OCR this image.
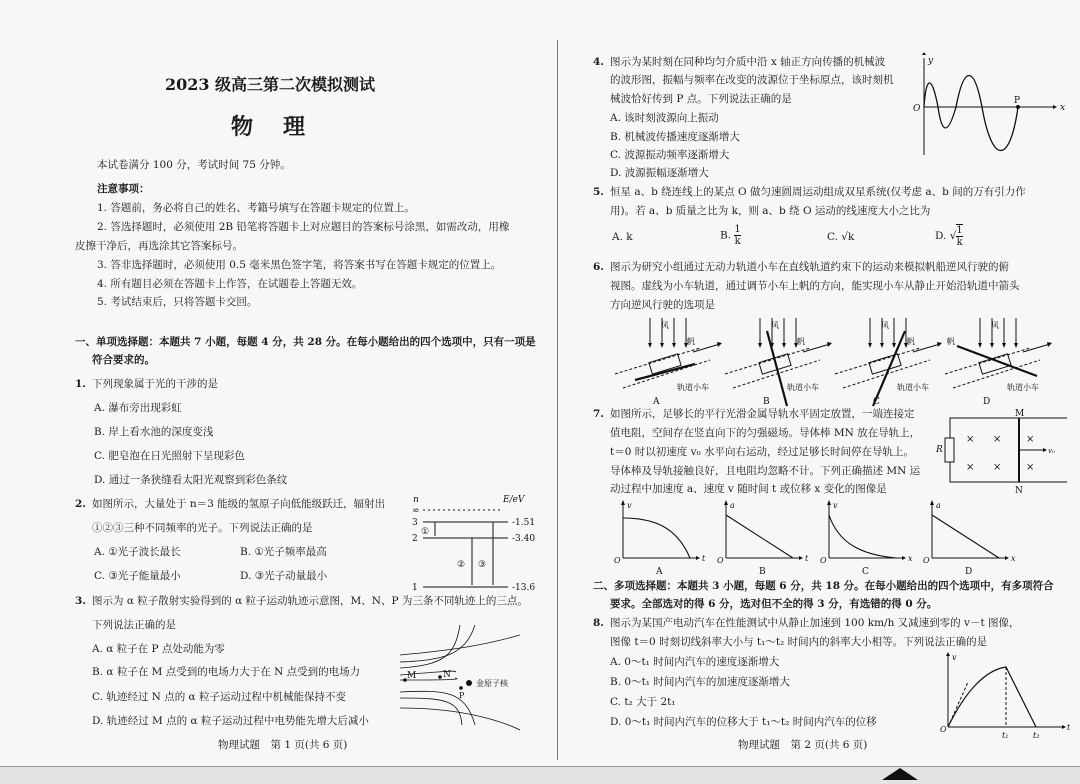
2023 级高三第二次模拟测试
物　理
本试卷满分 100 分，考试时间 75 分钟。
注意事项：
1. 答题前，务必将自己的姓名、考籍号填写在答题卡规定的位置上。
2. 答选择题时，必须使用 2B 铅笔将答题卡上对应题目的答案标号涂黑，如需改动，用橡
皮擦干净后，再选涂其它答案标号。
3. 答非选择题时，必须使用 0.5 毫米黑色签字笔，将答案书写在答题卡规定的位置上。
4. 所有题目必须在答题卡上作答，在试题卷上答题无效。
5. 考试结束后，只将答题卡交回。
一、单项选择题：本题共 7 小题，每题 4 分，共 28 分。在每小题给出的四个选项中，只有一项是
符合要求的。
1. 下列现象属于光的干涉的是
A. 瀑布旁出现彩虹
B. 岸上看水池的深度变浅
C. 肥皂泡在日光照射下呈现彩色
D. 通过一条狭缝看太阳光观察到彩色条纹
2. 如图所示，大量处于 n＝3 能级的氢原子向低能级跃迁，辐射出
①②③三种不同频率的光子。下列说法正确的是
A. ①光子波长最长	B. ①光子频率最高
C. ③光子能量最小	D. ③光子动量最小
n	E/eV
∞
3	-1.51
2	-3.40
1	-13.6
①
② ③
3. 图示为 α 粒子散射实验得到的 α 粒子运动轨迹示意图，M、N、P 为三条不同轨迹上的三点。
下列说法正确的是
A. α 粒子在 P 点处动能为零
B. α 粒子在 M 点受到的电场力大于在 N 点受到的电场力
C. 轨迹经过 N 点的 α 粒子运动过程中机械能保持不变
D. 轨迹经过 M 点的 α 粒子运动过程中电势能先增大后减小
M	N
P
金原子核
物理试题　第 1 页(共 6 页)
4. 图示为某时刻在同种均匀介质中沿 x 轴正方向传播的机械波
的波形图，振幅与频率在改变的波源位于坐标原点，该时刻机
械波恰好传到 P 点。下列说法正确的是
A. 该时刻波源向上振动
B. 机械波传播速度逐渐增大
C. 波源振动频率逐渐增大
D. 波源振幅逐渐增大
y
x
O
P
5. 恒星 a、b 绕连线上的某点 O 做匀速圆周运动组成双星系统(仅考虑 a、b 间的万有引力作
用)。若 a、b 质量之比为 k，则 a、b 绕 O 运动的线速度大小之比为
A. k	B. $\frac{1}{k}$	C. √k	D. √ $\frac{1}{k}$
6. 图示为研究小组通过无动力轨道小车在直线轨道约束下的运动来模拟帆船逆风行驶的俯
视图。虚线为小车轨道，通过调节小车上帆的方向，能实现小车从静止开始沿轨道中箭头
方向逆风行驶的选项是
风
帆
轨道小车
A
风
帆
轨道小车
B
风
帆
轨道小车
C
风
帆
轨道小车
D
7. 如图所示，足够长的平行光滑金属导轨水平固定放置，一端连接定
值电阻，空间存在竖直向下的匀强磁场。导体棒 MN 放在导轨上，
t＝0 时以初速度 v₀ 水平向右运动，经过足够长时间停在导轨上。
导体棒及导轨接触良好，且电阻均忽略不计。下列正确描述 MN 运
动过程中加速度 a、速度 v 随时间 t 或位移 x 变化的图像是
M
N
R	v₀
× × ×
× × ×
v
t
O
A
a
t
O
B
v
x
O
C
a
x
O
D
二、多项选择题：本题共 3 小题，每题 6 分，共 18 分。在每小题给出的四个选项中，有多项符合
要求。全部选对的得 6 分，选对但不全的得 3 分，有选错的得 0 分。
8. 图示为某国产电动汽车在性能测试中从静止加速到 100 km/h 又减速到零的 v－t 图像，
图像 t＝0 时刻切线斜率大小与 t₁～t₂ 时间内的斜率大小相等。下列说法正确的是
A. 0～t₁ 时间内汽车的速度逐渐增大
B. 0～t₁ 时间内汽车的加速度逐渐增大
C. t₂ 大于 2t₁
D. 0～t₁ 时间内汽车的位移大于 t₁～t₂ 时间内汽车的位移
v
t
O
t₁	t₂
物理试题　第 2 页(共 6 页)
